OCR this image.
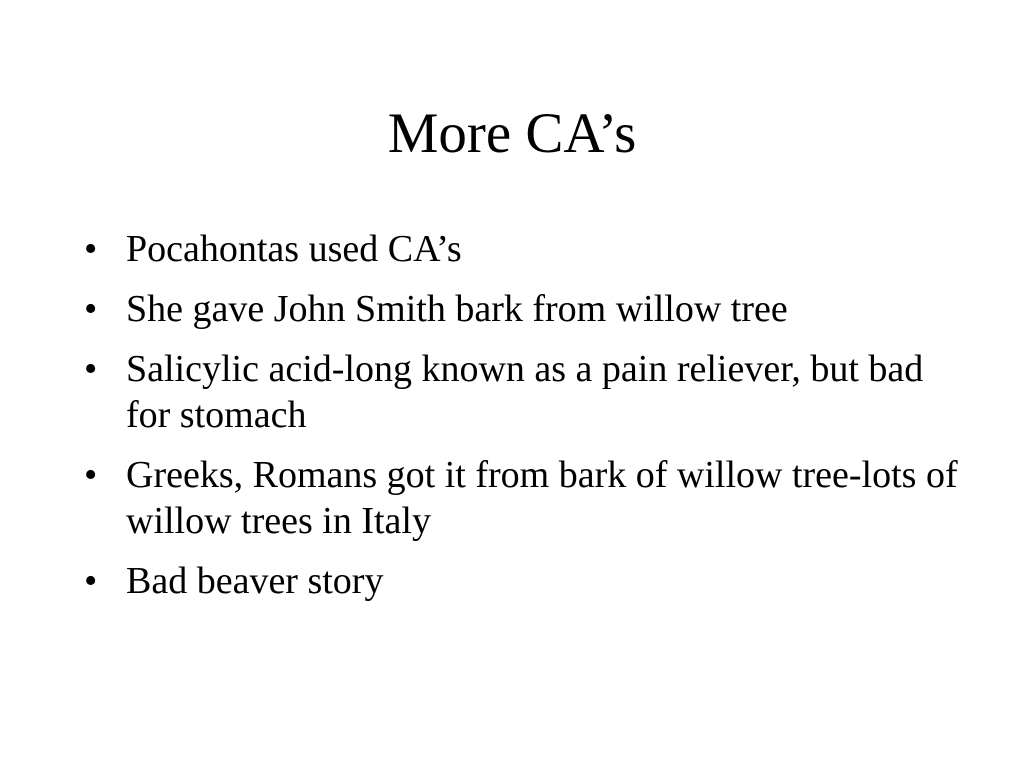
More CA’s
• Pocahontas used CA’s
• She gave John Smith bark from willow tree
• Salicylic acid-long known as a pain reliever, but bad for stomach
• Greeks, Romans got it from bark of willow tree-lots of willow trees in Italy
• Bad beaver story
